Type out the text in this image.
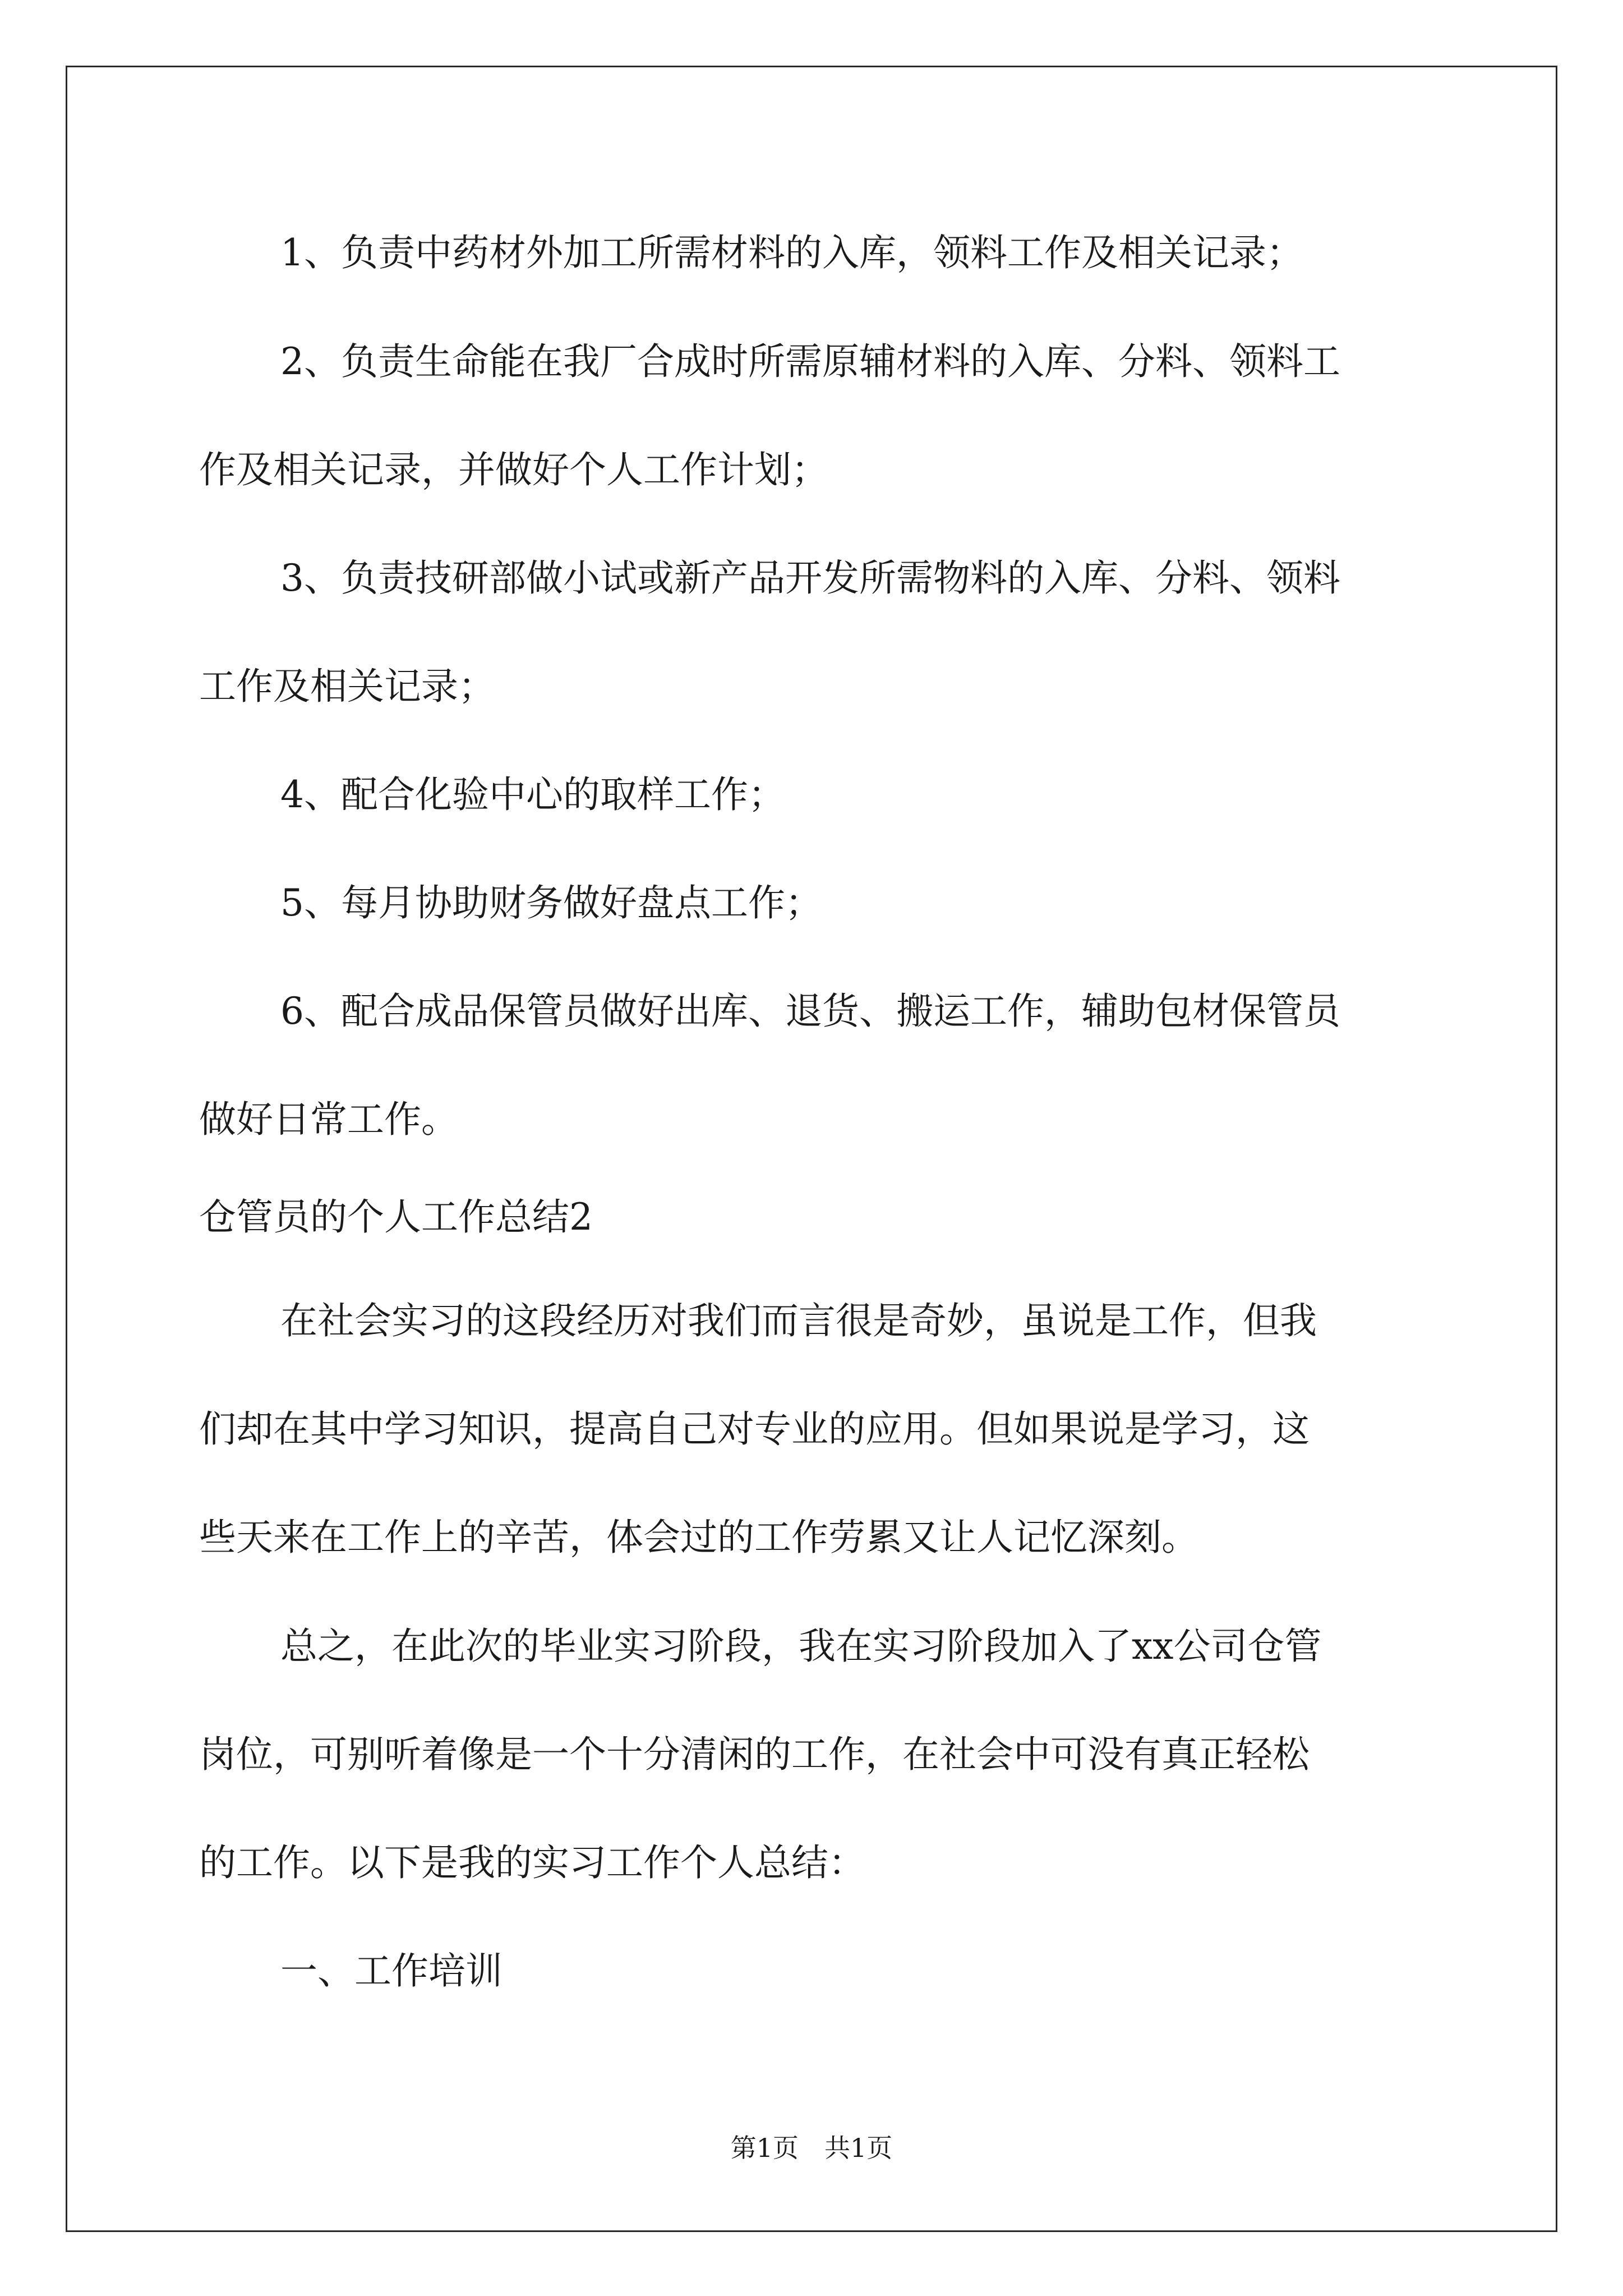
1、负责中药材外加工所需材料的入库，领料工作及相关记录；
2、负责生命能在我厂合成时所需原辅材料的入库、分料、领料工
作及相关记录，并做好个人工作计划；
3、负责技研部做小试或新产品开发所需物料的入库、分料、领料
工作及相关记录；
4、配合化验中心的取样工作；
5、每月协助财务做好盘点工作；
6、配合成品保管员做好出库、退货、搬运工作，辅助包材保管员
做好日常工作。
仓管员的个人工作总结2
在社会实习的这段经历对我们而言很是奇妙，虽说是工作，但我
们却在其中学习知识，提高自己对专业的应用。但如果说是学习，这
些天来在工作上的辛苦，体会过的工作劳累又让人记忆深刻。
总之，在此次的毕业实习阶段，我在实习阶段加入了xx公司仓管
岗位，可别听着像是一个十分清闲的工作，在社会中可没有真正轻松
的工作。以下是我的实习工作个人总结：
一、工作培训
第1页　共1页
